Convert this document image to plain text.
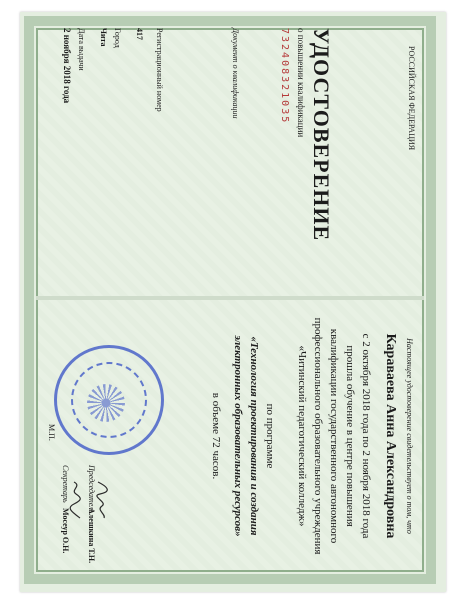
РОССИЙСКАЯ ФЕДЕРАЦИЯ
УДОСТОВЕРЕНИЕ
о повышении квалификации
732408321035
Документ о квалификации
Регистрационный номер
417
Город
Чита
Дата выдачи
2 ноября 2018 года
Настоящее удостоверение свидетельствует о том, что
Караваева Анна Александровна
с 2 октября 2018 года по 2 ноября 2018 года
прошла обучение в центре повышения
квалификации государственного автономного
профессионального образовательного учреждения
«Читинский педагогический колледж»
по программе
«Технология проектирования и создания
электронных образовательных ресурсов»
в объеме 72 часов.
Председатель
Секретарь
М.П.
Алешкина Т.Н.
Мосеур О.Н.
